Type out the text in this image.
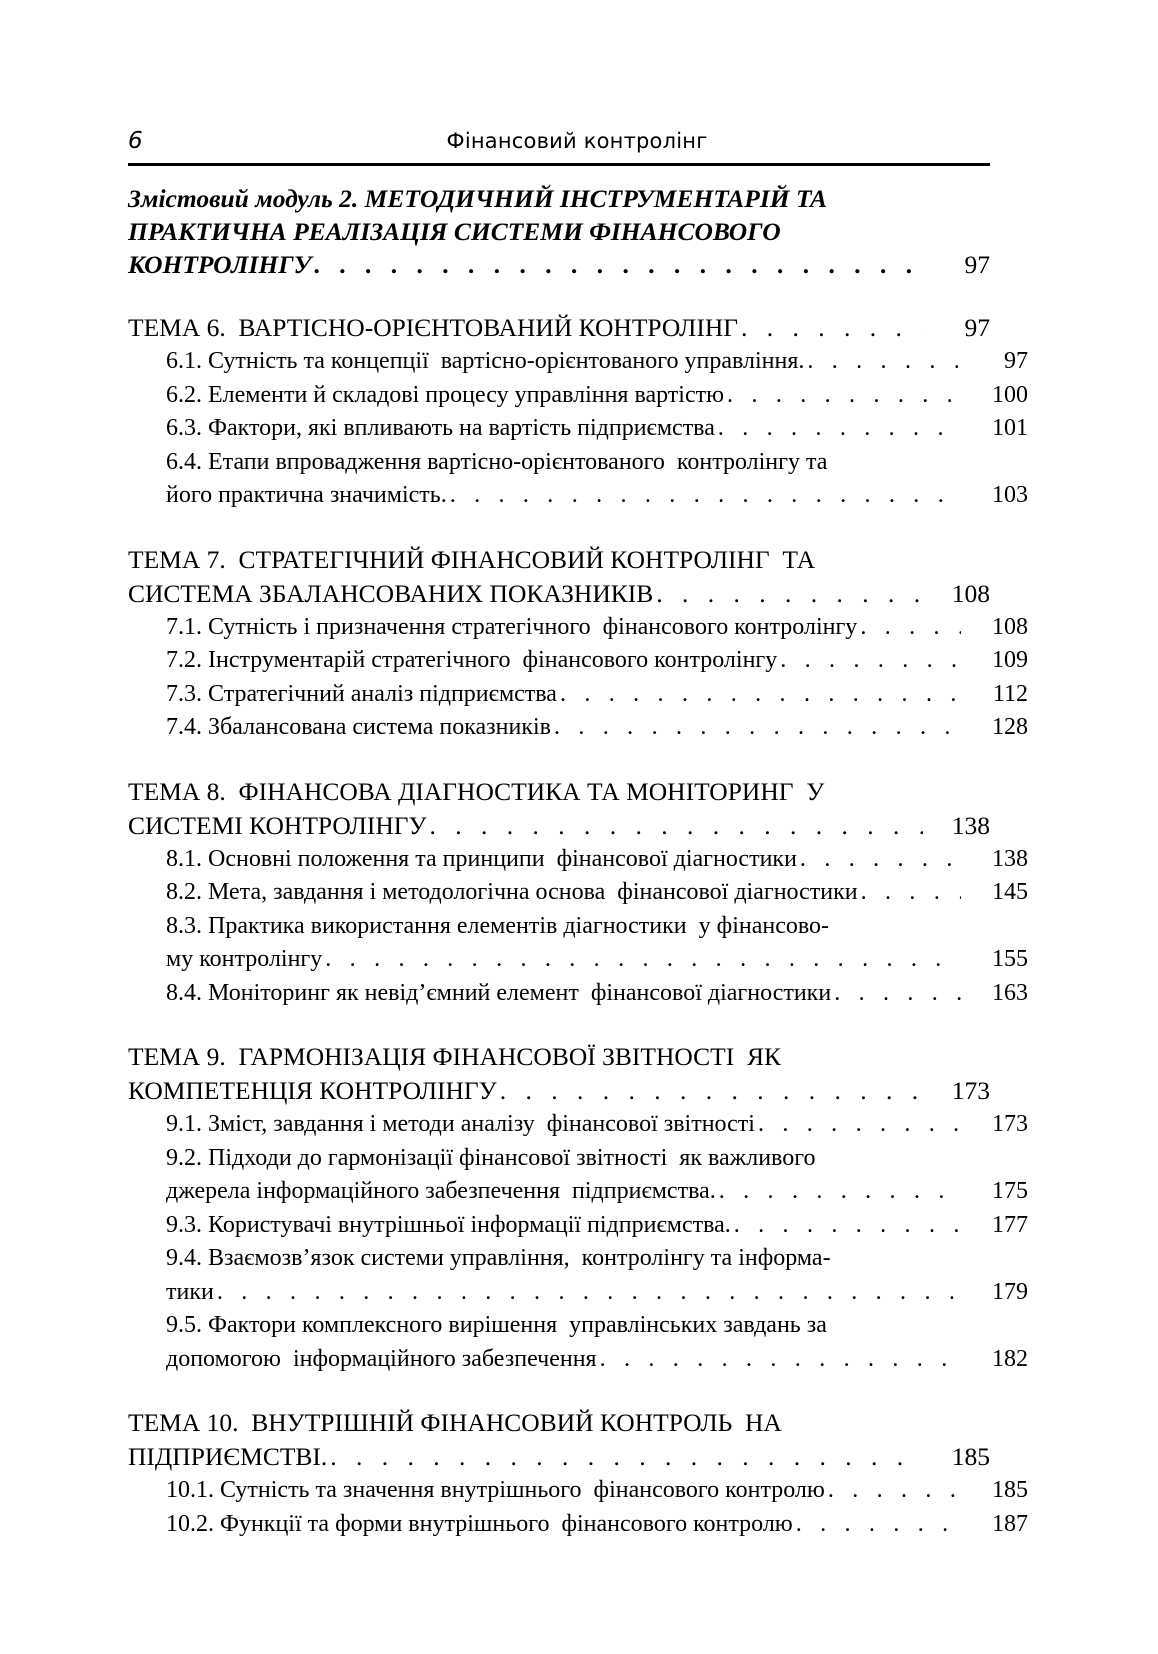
6	Фінансовий контролінг
Змістовий модуль 2. МЕТОДИЧНИЙ ІНСТРУМЕНТАРІЙ ТА
ПРАКТИЧНА РЕАЛІЗАЦІЯ СИСТЕМИ ФІНАНСОВОГО
КОНТРОЛІНГУ . . .	97
ТЕМА 6.  ВАРТІСНО-ОРІЄНТОВАНИЙ КОНТРОЛІНГ . . .	97
6.1. Сутність та концепції  вартісно-орієнтованого управління. . . .	97
6.2. Елементи й складові процесу управління вартістю . . .	100
6.3. Фактори, які впливають на вартість підприємства . . .	101
6.4. Етапи впровадження вартісно-орієнтованого  контролінгу та
його практична значимість. . . .	103
ТЕМА 7.  СТРАТЕГІЧНИЙ ФІНАНСОВИЙ КОНТРОЛІНГ  ТА
СИСТЕМА ЗБАЛАНСОВАНИХ ПОКАЗНИКІВ . . .	108
7.1. Сутність і призначення стратегічного  фінансового контролінгу . . .	108
7.2. Інструментарій стратегічного  фінансового контролінгу . . .	109
7.3. Стратегічний аналіз підприємства . . .	112
7.4. Збалансована система показників . . .	128
ТЕМА 8.  ФІНАНСОВА ДІАГНОСТИКА ТА МОНІТОРИНГ  У
СИСТЕМІ КОНТРОЛІНГУ . . .	138
8.1. Основні положення та принципи  фінансової діагностики . . .	138
8.2. Мета, завдання і методологічна основа  фінансової діагностики . . .	145
8.3. Практика використання елементів діагностики  у фінансово-
му контролінгу . . .	155
8.4. Моніторинг як невід’ємний елемент  фінансової діагностики . . .	163
ТЕМА 9.  ГАРМОНІЗАЦІЯ ФІНАНСОВОЇ ЗВІТНОСТІ  ЯК
КОМПЕТЕНЦІЯ КОНТРОЛІНГУ . . .	173
9.1. Зміст, завдання і методи аналізу  фінансової звітності . . .	173
9.2. Підходи до гармонізації фінансової звітності  як важливого
джерела інформаційного забезпечення  підприємства. . . .	175
9.3. Користувачі внутрішньої інформації підприємства. . . .	177
9.4. Взаємозв’язок системи управління,  контролінгу та інформа-
тики . . .	179
9.5. Фактори комплексного вирішення  управлінських завдань за
допомогою  інформаційного забезпечення . . .	182
ТЕМА 10.  ВНУТРІШНІЙ ФІНАНСОВИЙ КОНТРОЛЬ  НА
ПІДПРИЄМСТВІ. . . .	185
10.1. Сутність та значення внутрішнього  фінансового контролю . . .	185
10.2. Функції та форми внутрішнього  фінансового контролю . . .	187
